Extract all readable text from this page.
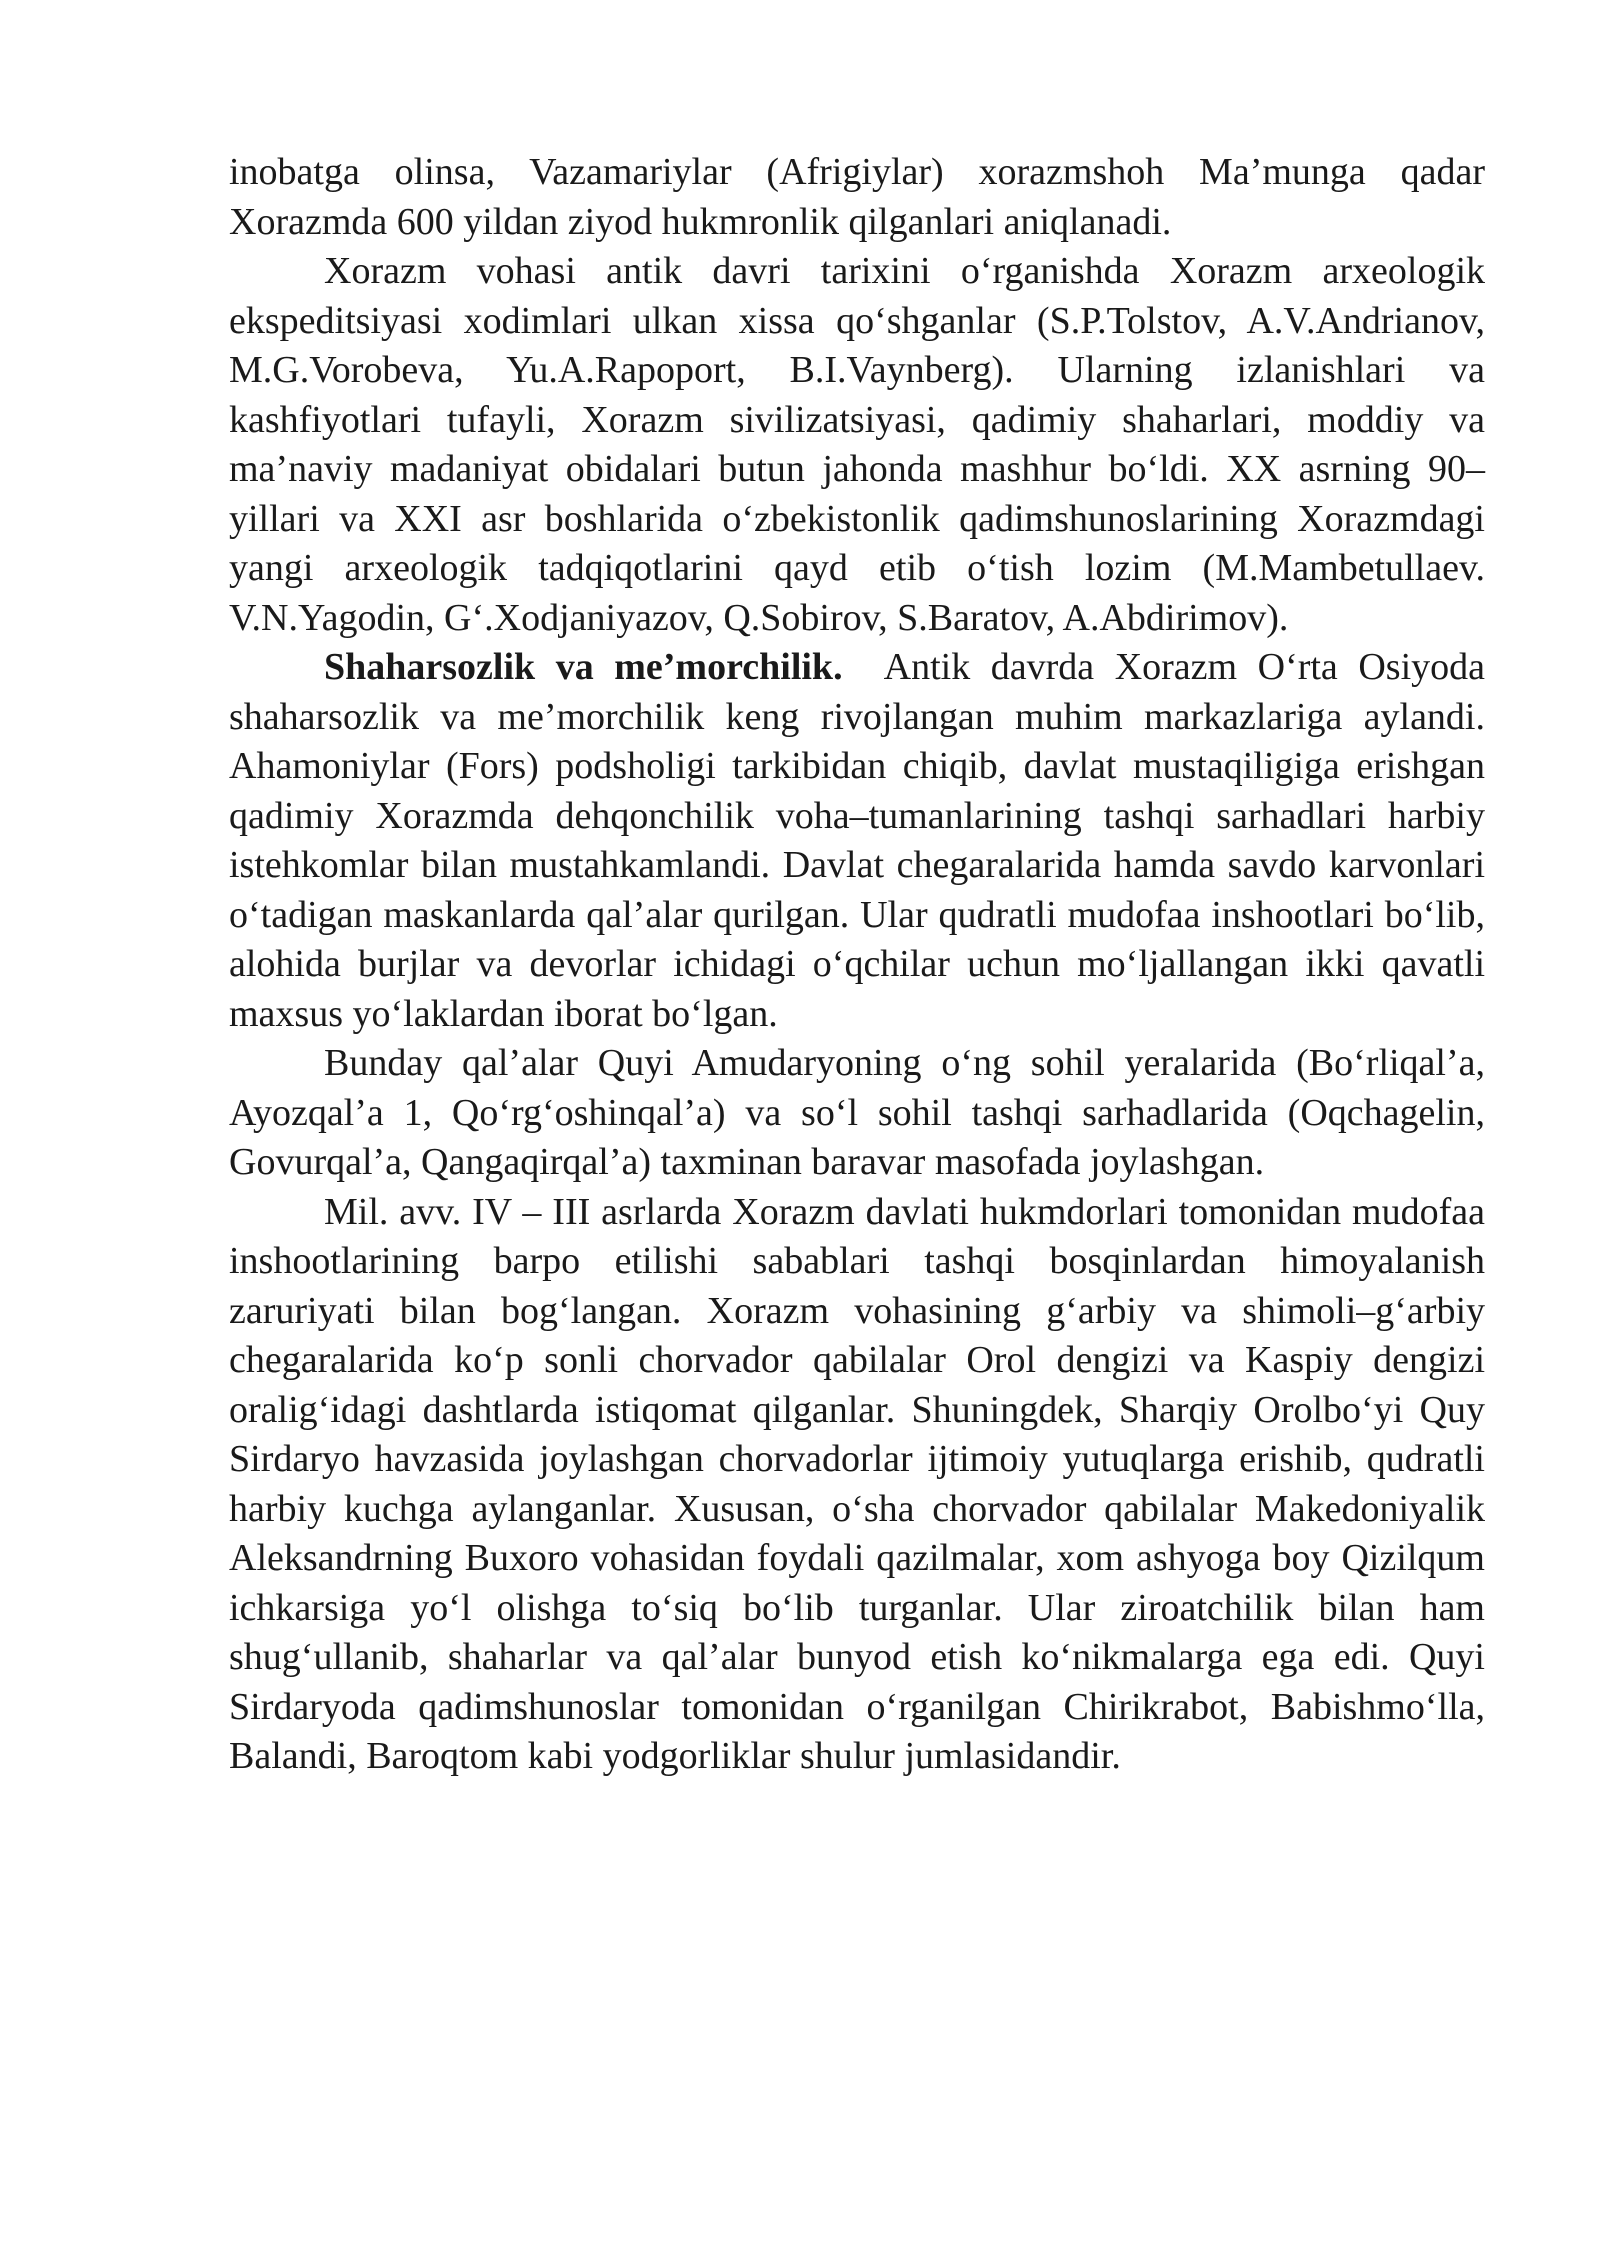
inobatga olinsa, Vazamariylar (Afrigiylar) xorazmshoh Ma’munga qadar Xorazmda 600 yildan ziyod hukmronlik qilganlari aniqlanadi.

Xorazm vohasi antik davri tarixini o‘rganishda Xorazm arxeologik ekspeditsiyasi xodimlari ulkan xissa qo‘shganlar (S.P.Tolstov, A.V.Andrianov, M.G.Vorobeva, Yu.A.Rapoport, B.I.Vaynberg). Ularning izlanishlari va kashfiyotlari tufayli, Xorazm sivilizatsiyasi, qadimiy shaharlari, moddiy va ma’naviy madaniyat obidalari butun jahonda mashhur bo‘ldi. XX asrning 90–yillari va XXI asr boshlarida o‘zbekistonlik qadimshunoslarining Xorazmdagi yangi arxeologik tadqiqotlarini qayd etib o‘tish lozim (M.Mambetullaev. V.N.Yagodin, G‘.Xodjaniyazov, Q.Sobirov, S.Baratov, A.Abdirimov).

Shaharsozlik va me’morchilik. Antik davrda Xorazm O‘rta Osiyoda shaharsozlik va me’morchilik keng rivojlangan muhim markazlariga aylandi. Ahamoniylar (Fors) podsholigi tarkibidan chiqib, davlat mustaqiligiga erishgan qadimiy Xorazmda dehqonchilik voha–tumanlarining tashqi sarhadlari harbiy istehkomlar bilan mustahkamlandi. Davlat chegaralarida hamda savdo karvonlari o‘tadigan maskanlarda qal’alar qurilgan. Ular qudratli mudofaa inshootlari bo‘lib, alohida burjlar va devorlar ichidagi o‘qchilar uchun mo‘ljallangan ikki qavatli maxsus yo‘laklardan iborat bo‘lgan.

Bunday qal’alar Quyi Amudaryoning o‘ng sohil yeralarida (Bo‘rliqal’a, Ayozqal’a 1, Qo‘rg‘oshinqal’a) va so‘l sohil tashqi sarhadlarida (Oqchagelin, Govurqal’a, Qangaqirqal’a) taxminan baravar masofada joylashgan.

Mil. avv. IV – III asrlarda Xorazm davlati hukmdorlari tomonidan mudofaa inshootlarining barpo etilishi sabablari tashqi bosqinlardan himoyalanish zaruriyati bilan bog‘langan. Xorazm vohasining g‘arbiy va shimoli–g‘arbiy chegaralarida ko‘p sonli chorvador qabilalar Orol dengizi va Kaspiy dengizi oralig‘idagi dashtlarda istiqomat qilganlar. Shuningdek, Sharqiy Orolbo‘yi Quy Sirdaryo havzasida joylashgan chorvadorlar ijtimoiy yutuqlarga erishib, qudratli harbiy kuchga aylanganlar. Xususan, o‘sha chorvador qabilalar Makedoniyalik Aleksandrning Buxoro vohasidan foydali qazilmalar, xom ashyoga boy Qizilqum ichkarsiga yo‘l olishga to‘siq bo‘lib turganlar. Ular ziroatchilik bilan ham shug‘ullanib, shaharlar va qal’alar bunyod etish ko‘nikmalarga ega edi. Quyi Sirdaryoda qadimshunoslar tomonidan o‘rganilgan Chirikrabot, Babishmo‘lla, Balandi, Baroqtom kabi yodgorliklar shulur jumlasidandir.
